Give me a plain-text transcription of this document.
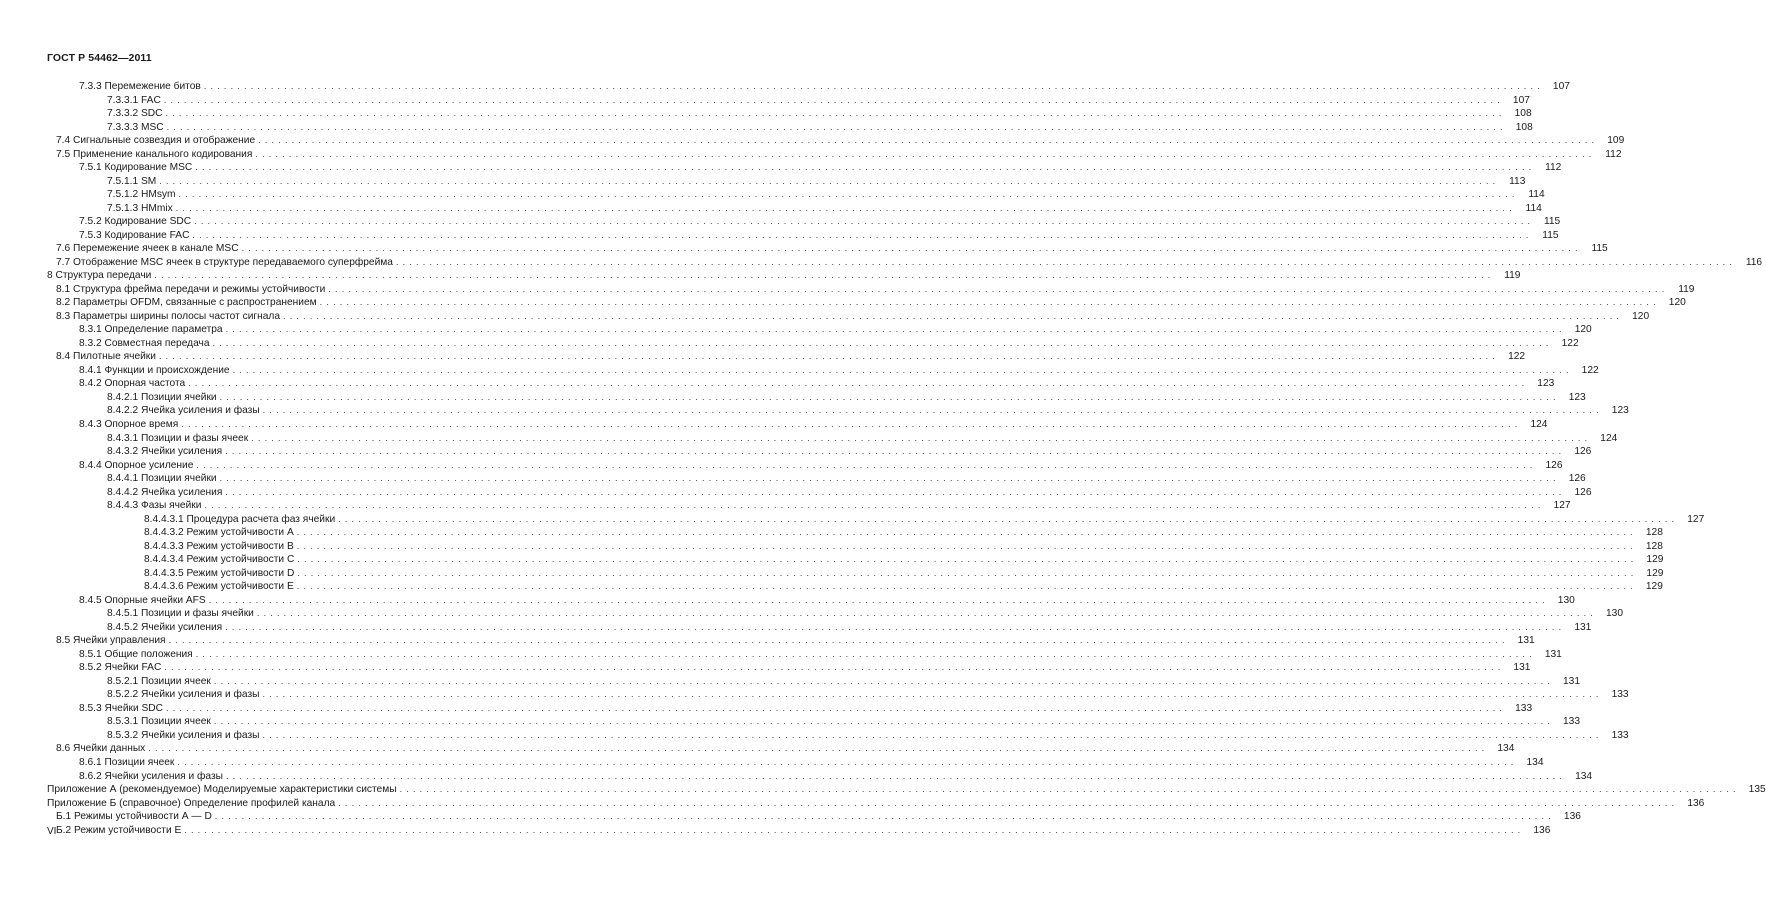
ГОСТ Р 54462—2011
7.3.3 Перемежение битов ........................................................................................................................................................................................................ 107
7.3.3.1 FAC ........................................................................................................................................................................................................ 107
7.3.3.2 SDC ........................................................................................................................................................................................................ 108
7.3.3.3 MSC ........................................................................................................................................................................................................ 108
7.4 Сигнальные созвездия и отображение ........................................................................................................................................................................................................ 109
7.5 Применение канального кодирования ........................................................................................................................................................................................................ 112
7.5.1 Кодирование MSC ........................................................................................................................................................................................................ 112
7.5.1.1 SM ........................................................................................................................................................................................................ 113
7.5.1.2 HMsym ........................................................................................................................................................................................................ 114
7.5.1.3 HMmix ........................................................................................................................................................................................................ 114
7.5.2 Кодирование SDC ........................................................................................................................................................................................................ 115
7.5.3 Кодирование FAC ........................................................................................................................................................................................................ 115
7.6 Перемежение ячеек в канале MSC ........................................................................................................................................................................................................ 115
7.7 Отображение MSC ячеек в структуре передаваемого суперфрейма ........................................................................................................................................................................................................ 116
8 Структура передачи ........................................................................................................................................................................................................ 119
8.1 Структура фрейма передачи и режимы устойчивости ........................................................................................................................................................................................................ 119
8.2 Параметры OFDM, связанные с распространением ........................................................................................................................................................................................................ 120
8.3 Параметры ширины полосы частот сигнала ........................................................................................................................................................................................................ 120
8.3.1 Определение параметра ........................................................................................................................................................................................................ 120
8.3.2 Совместная передача ........................................................................................................................................................................................................ 122
8.4 Пилотные ячейки ........................................................................................................................................................................................................ 122
8.4.1 Функции и происхождение ........................................................................................................................................................................................................ 122
8.4.2 Опорная частота ........................................................................................................................................................................................................ 123
8.4.2.1 Позиции ячейки ........................................................................................................................................................................................................ 123
8.4.2.2 Ячейка усиления и фазы ........................................................................................................................................................................................................ 123
8.4.3 Опорное время ........................................................................................................................................................................................................ 124
8.4.3.1 Позиции и фазы ячеек ........................................................................................................................................................................................................ 124
8.4.3.2 Ячейки усиления ........................................................................................................................................................................................................ 126
8.4.4 Опорное усиление ........................................................................................................................................................................................................ 126
8.4.4.1 Позиции ячейки ........................................................................................................................................................................................................ 126
8.4.4.2 Ячейка усиления ........................................................................................................................................................................................................ 126
8.4.4.3 Фазы ячейки ........................................................................................................................................................................................................ 127
8.4.4.3.1 Процедура расчета фаз ячейки ........................................................................................................................................................................................................ 127
8.4.4.3.2 Режим устойчивости A ........................................................................................................................................................................................................ 128
8.4.4.3.3 Режим устойчивости B ........................................................................................................................................................................................................ 128
8.4.4.3.4 Режим устойчивости C ........................................................................................................................................................................................................ 129
8.4.4.3.5 Режим устойчивости D ........................................................................................................................................................................................................ 129
8.4.4.3.6 Режим устойчивости E ........................................................................................................................................................................................................ 129
8.4.5 Опорные ячейки AFS ........................................................................................................................................................................................................ 130
8.4.5.1 Позиции и фазы ячейки ........................................................................................................................................................................................................ 130
8.4.5.2 Ячейки усиления ........................................................................................................................................................................................................ 131
8.5 Ячейки управления ........................................................................................................................................................................................................ 131
8.5.1 Общие положения ........................................................................................................................................................................................................ 131
8.5.2 Ячейки FAC ........................................................................................................................................................................................................ 131
8.5.2.1 Позиции ячеек ........................................................................................................................................................................................................ 131
8.5.2.2 Ячейки усиления и фазы ........................................................................................................................................................................................................ 133
8.5.3 Ячейки SDC ........................................................................................................................................................................................................ 133
8.5.3.1 Позиции ячеек ........................................................................................................................................................................................................ 133
8.5.3.2 Ячейки усиления и фазы ........................................................................................................................................................................................................ 133
8.6 Ячейки данных ........................................................................................................................................................................................................ 134
8.6.1 Позиции ячеек ........................................................................................................................................................................................................ 134
8.6.2 Ячейки усиления и фазы ........................................................................................................................................................................................................ 134
Приложение А (рекомендуемое) Моделируемые характеристики системы ........................................................................................................................................................................................................ 135
Приложение Б (справочное) Определение профилей канала ........................................................................................................................................................................................................ 136
Б.1 Режимы устойчивости А — D ........................................................................................................................................................................................................ 136
Б.2 Режим устойчивости E ........................................................................................................................................................................................................ 136
VI
